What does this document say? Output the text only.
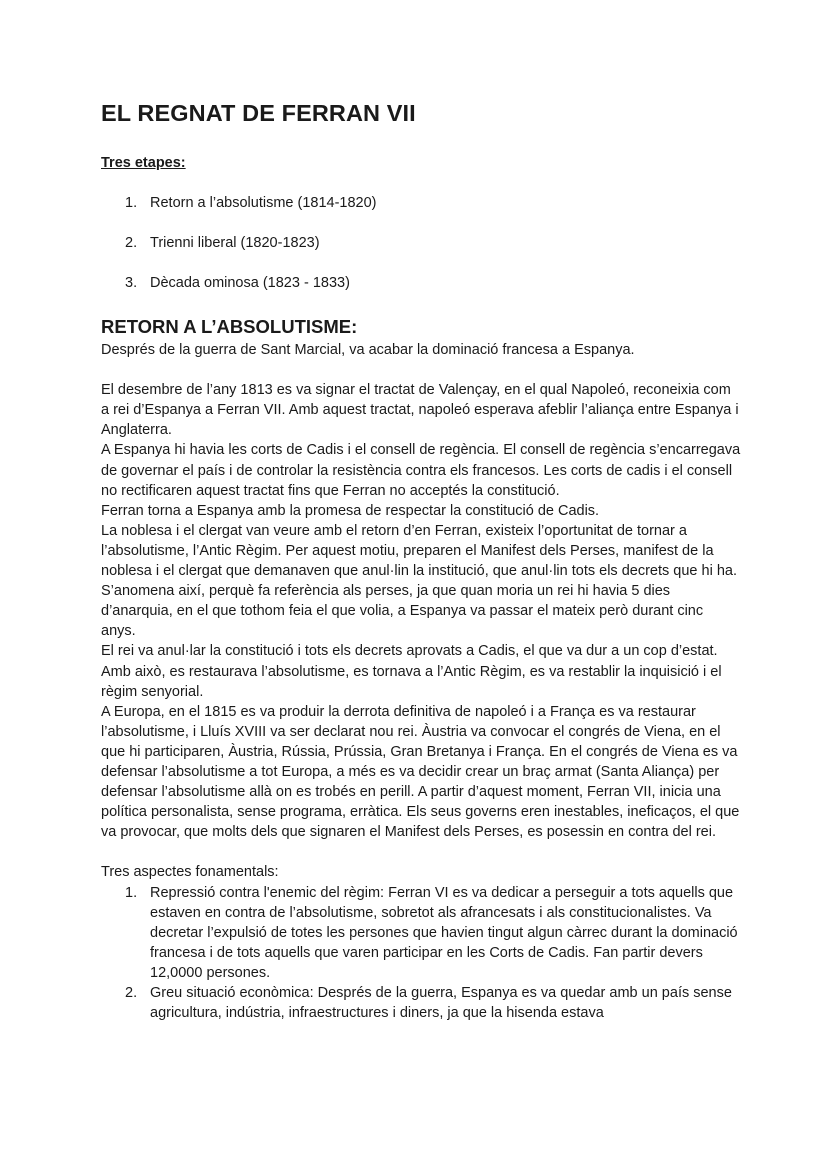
EL REGNAT DE FERRAN VII
Tres etapes:
1. Retorn a l’absolutisme (1814-1820)
2. Trienni liberal (1820-1823)
3. Dècada ominosa (1823 - 1833)
RETORN A L’ABSOLUTISME:

Després de la guerra de Sant Marcial, va acabar la dominació francesa a Espanya.

El desembre de l’any 1813 es va signar el tractat de Valençay, en el qual Napoleó, reconeixia com a rei d’Espanya a Ferran VII. Amb aquest tractat, napoleó esperava afeblir l’aliança entre Espanya i Anglaterra.

A Espanya hi havia les corts de Cadis i el consell de regència. El consell de regència s’encarregava de governar el país i de controlar la resistència contra els francesos. Les corts de cadis i el consell no rectificaren aquest tractat fins que Ferran no acceptés la constitució.

Ferran torna a Espanya amb la promesa de respectar la constitució de Cadis.

La noblesa i el clergat van veure amb el retorn d’en Ferran, existeix l’oportunitat de tornar a l’absolutisme, l’Antic Règim. Per aquest motiu, preparen el Manifest dels Perses, manifest de la noblesa i el clergat que demanaven que anul·lin la institució, que anul·lin tots els decrets que hi ha. S’anomena així, perquè fa referència als perses, ja que quan moria un rei hi havia 5 dies d’anarquia, en el que tothom feia el que volia, a Espanya va passar el mateix però durant cinc anys.

El rei va anul·lar la constitució i tots els decrets aprovats a Cadis, el que va dur a un cop d’estat. Amb això, es restaurava l’absolutisme, es tornava a l’Antic Règim, es va restablir la inquisició i el règim senyorial.

A Europa, en el 1815 es va produir la derrota definitiva de napoleó i a França es va restaurar l’absolutisme, i Lluís XVIII va ser declarat nou rei. Àustria va convocar el congrés de Viena, en el que hi participaren, Àustria, Rússia, Prússia, Gran Bretanya i França. En el congrés de Viena es va defensar l’absolutisme a tot Europa, a més es va decidir crear un braç armat (Santa Aliança) per defensar l’absolutisme allà on es trobés en perill. A partir d’aquest moment, Ferran VII, inicia una política personalista, sense programa, erràtica. Els seus governs eren inestables, ineficaços, el que va provocar, que molts dels que signaren el Manifest dels Perses, es posessin en contra del rei.

Tres aspectes fonamentals:

1. Repressió contra l'enemic del règim: Ferran VI es va dedicar a perseguir a tots aquells que estaven en contra de l’absolutisme, sobretot als afrancesats i als constitucionalistes. Va decretar l’expulsió de totes les persones que havien tingut algun càrrec durant la dominació francesa i de tots aquells que varen participar en les Corts de Cadis. Fan partir devers 12,0000 persones.
2. Greu situació econòmica: Després de la guerra, Espanya es va quedar amb un país sense agricultura, indústria, infraestructures i diners, ja que la hisenda estava
